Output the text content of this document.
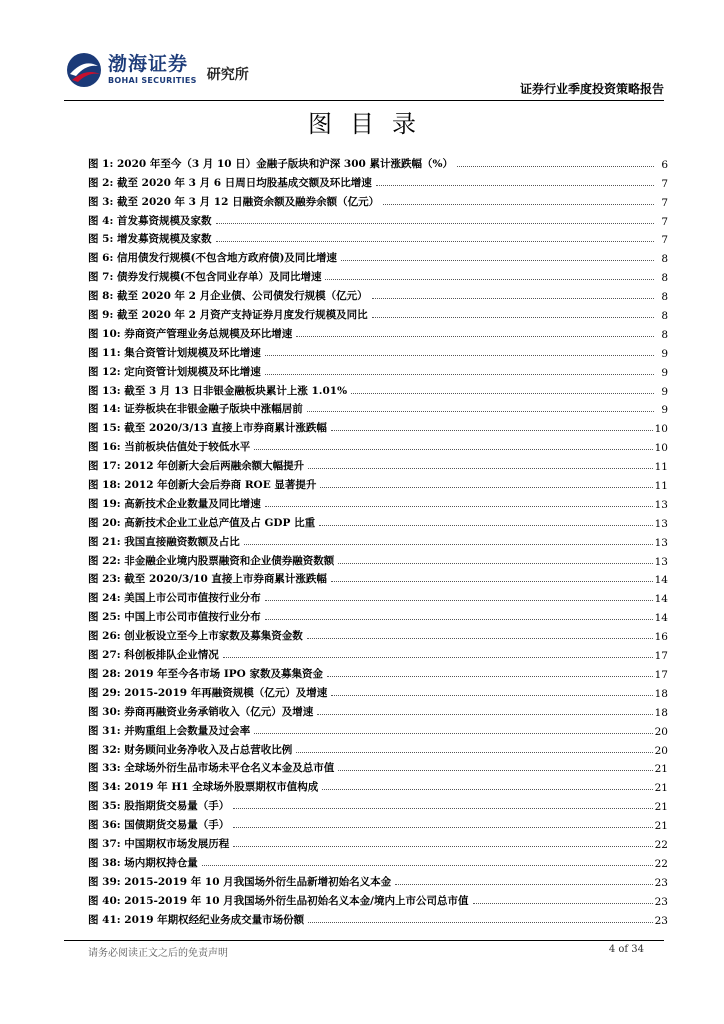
渤海证券
BOHAI SECURITIES 研究所
证券行业季度投资策略报告
图目录
图 1: 2020 年至今（3 月 10 日）金融子版块和沪深 300 累计涨跌幅（%）	6
图 2: 截至 2020 年 3 月 6 日周日均股基成交额及环比增速	7
图 3: 截至 2020 年 3 月 12 日融资余额及融券余额（亿元）	7
图 4: 首发募资规模及家数	7
图 5: 增发募资规模及家数	7
图 6: 信用债发行规模(不包含地方政府债)及同比增速	8
图 7: 债券发行规模(不包含同业存单）及同比增速	8
图 8: 截至 2020 年 2 月企业债、公司债发行规模（亿元）	8
图 9: 截至 2020 年 2 月资产支持证券月度发行规模及同比	8
图 10: 券商资产管理业务总规模及环比增速	8
图 11: 集合资管计划规模及环比增速	9
图 12: 定向资管计划规模及环比增速	9
图 13: 截至 3 月 13 日非银金融板块累计上涨 1.01%	9
图 14: 证券板块在非银金融子版块中涨幅居前	9
图 15: 截至 2020/3/13 直接上市券商累计涨跌幅	10
图 16: 当前板块估值处于较低水平	10
图 17: 2012 年创新大会后两融余额大幅提升	11
图 18: 2012 年创新大会后券商 ROE 显著提升	11
图 19: 高新技术企业数量及同比增速	13
图 20: 高新技术企业工业总产值及占 GDP 比重	13
图 21: 我国直接融资数额及占比	13
图 22: 非金融企业境内股票融资和企业债券融资数额	13
图 23: 截至 2020/3/10 直接上市券商累计涨跌幅	14
图 24: 美国上市公司市值按行业分布	14
图 25: 中国上市公司市值按行业分布	14
图 26: 创业板设立至今上市家数及募集资金数	16
图 27: 科创板排队企业情况	17
图 28: 2019 年至今各市场 IPO 家数及募集资金	17
图 29: 2015-2019 年再融资规模（亿元）及增速	18
图 30: 券商再融资业务承销收入（亿元）及增速	18
图 31: 并购重组上会数量及过会率	20
图 32: 财务顾问业务净收入及占总营收比例	20
图 33: 全球场外衍生品市场未平仓名义本金及总市值	21
图 34: 2019 年 H1 全球场外股票期权市值构成	21
图 35: 股指期货交易量（手）	21
图 36: 国债期货交易量（手）	21
图 37: 中国期权市场发展历程	22
图 38: 场内期权持仓量	22
图 39: 2015-2019 年 10 月我国场外衍生品新增初始名义本金	23
图 40: 2015-2019 年 10 月我国场外衍生品初始名义本金/境内上市公司总市值	23
图 41: 2019 年期权经纪业务成交量市场份额	23
请务必阅读正文之后的免责声明	4 of 34
